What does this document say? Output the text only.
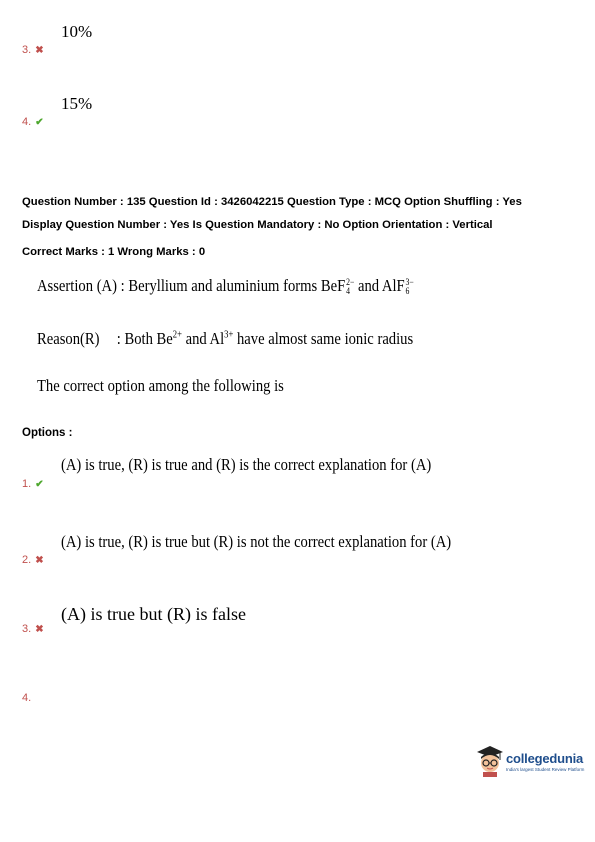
10%
3. ✖
15%
4. ✔
Question Number : 135 Question Id : 3426042215 Question Type : MCQ Option Shuffling : Yes
Display Question Number : Yes Is Question Mandatory : No Option Orientation : Vertical
Correct Marks : 1 Wrong Marks : 0
Assertion (A) : Beryllium and aluminium forms BeF 2−
4 and AlF 3−
6
Reason(R) : Both $Be^{2+}$ and $Al^{3+}$ have almost same ionic radius
The correct option among the following is
Options :
(A) is true, (R) is true and (R) is the correct explanation for (A)
1. ✔
(A) is true, (R) is true but (R) is not the correct explanation for (A)
2. ✖
(A) is true but (R) is false
3. ✖
4.
collegedunia
India's largest Student Review Platform
